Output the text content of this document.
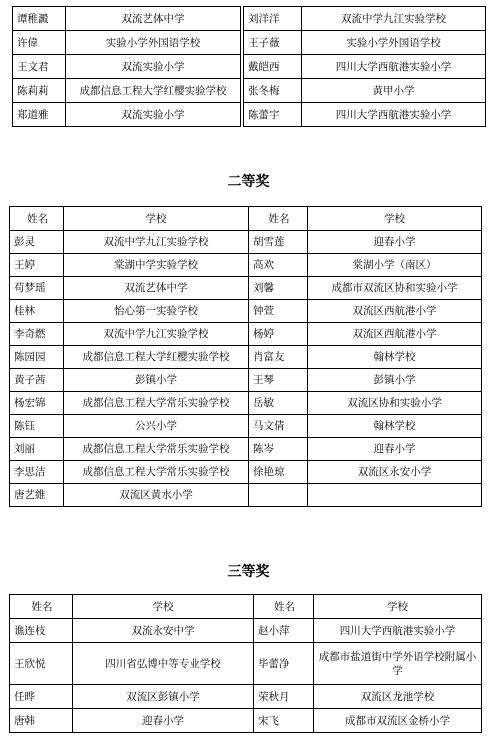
谭稚澱	双流艺体中学		刘洋洋	双流中学九江实验学校
许偉	实验小学外国语学校		王子薇	实验小学外国语学校
王文君	双流实验小学		戴皑西	四川大学西航港实验小学
陈莉莉	成都信息工程大学红樱实验学校		张冬梅	黄甲小学
郑道雅	双流实验小学		陈蕾宇	四川大学西航港实验小学
二等奖
姓名	学校	姓名	学校
彭灵	双流中学九江实验学校	胡雪莲	迎春小学
王婷	棠湖中学实验学校	高欢	棠湖小学（南区）
苟梦瑶	双流艺体中学	刘馨	成都市双流区协和实验小学
桂林	怡心第一实验学校	钟萱	双流区西航港小学
李奇燃	双流中学九江实验学校	杨婷	双流区西航港小学
陈园园	成都信息工程大学红樱实验学校	肖富友	翰林学校
黄子茜	彭镇小学	王琴	彭镇小学
杨宏锦	成都信息工程大学常乐实验学校	岳敏	双流区协和实验小学
陈钰	公兴小学	马文倩	翰林学校
刘丽	成都信息工程大学常乐实验学校	陈岑	迎春小学
李思洁	成都信息工程大学常乐实验学校	徐艳琼	双流区永安小学
唐艺維	双流区黄水小学		
三等奖
姓名	学校	姓名	学校
谯连枝	双流永安中学	赵小萍	四川大学西航港实验小学
王欣悦	四川省弘博中等专业学校	毕蕾净	成都市盐道街中学外语学校附属小学
任晔	双流区彭镇小学	荣秋月	双流区龙池学校
唐韩	迎春小学	宋飞	成都市双流区金桥小学
